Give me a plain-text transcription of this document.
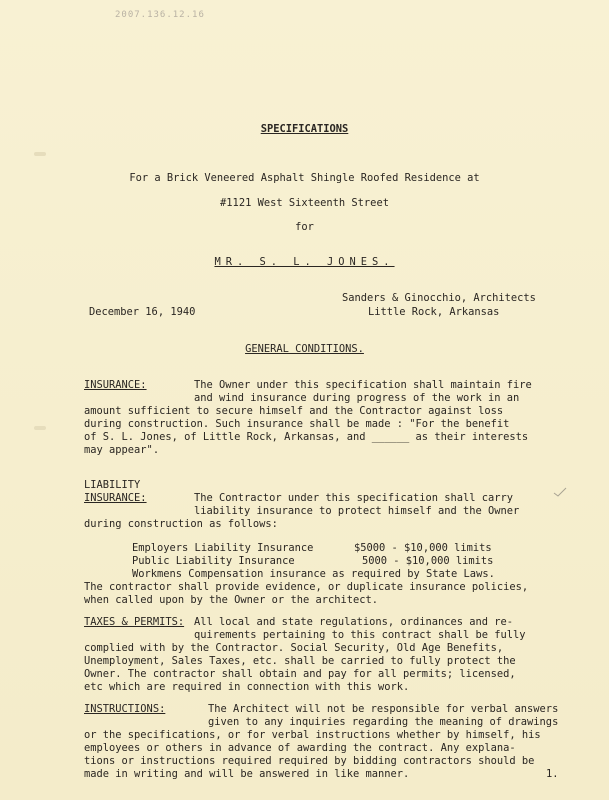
2007.136.12.16
SPECIFICATIONS
For a Brick Veneered Asphalt Shingle Roofed Residence at
#1121 West Sixteenth Street
for
MR. S. L. JONES.
Sanders & Ginocchio, Architects
Little Rock, Arkansas
December 16, 1940
GENERAL CONDITIONS.
INSURANCE:	The Owner under this specification shall maintain fire
and wind insurance during progress of the work in an
amount sufficient to secure himself and the Contractor against loss
during construction. Such insurance shall be made : "For the benefit
of S. L. Jones, of Little Rock, Arkansas, and ______ as their interests
may appear".
LIABILITY
INSURANCE:	The Contractor under this specification shall carry
liability insurance to protect himself and the Owner
during construction as follows:
Employers Liability Insurance	$5000 - $10,000 limits
Public Liability Insurance	5000 - $10,000 limits
Workmens Compensation insurance as required by State Laws.
The contractor shall provide evidence, or duplicate insurance policies,
when called upon by the Owner or the architect.
TAXES & PERMITS: All local and state regulations, ordinances and re-
quirements pertaining to this contract shall be fully
complied with by the Contractor. Social Security, Old Age Benefits,
Unemployment, Sales Taxes, etc. shall be carried to fully protect the
Owner. The contractor shall obtain and pay for all permits; licensed,
etc which are required in connection with this work.
INSTRUCTIONS:	The Architect will not be responsible for verbal answers
given to any inquiries regarding the meaning of drawings
or the specifications, or for verbal instructions whether by himself, his
employees or others in advance of awarding the contract. Any explana-
tions or instructions required required by bidding contractors should be
made in writing and will be answered in like manner.	1.
